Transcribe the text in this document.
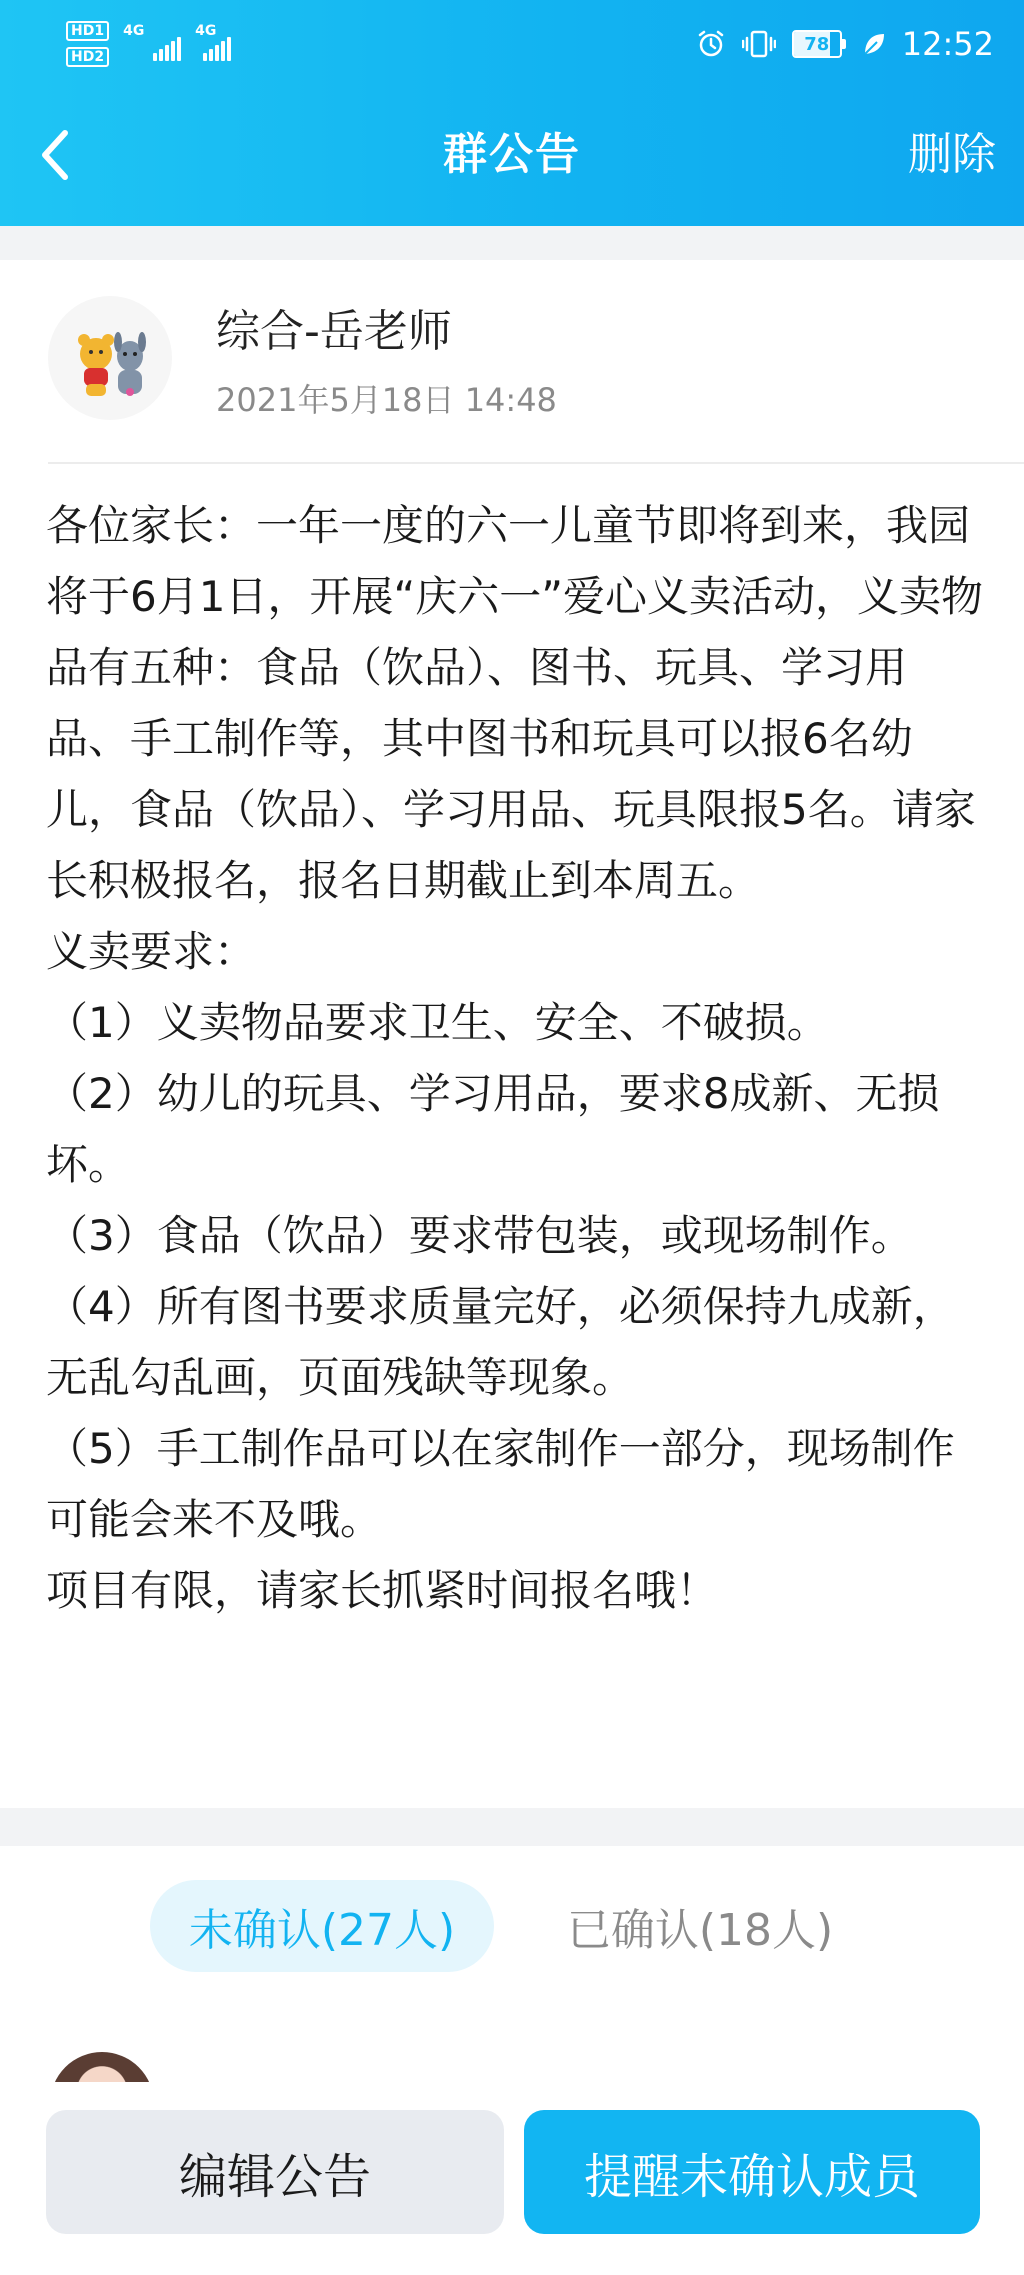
HD1
HD2
4G	4G
78 12:52
群公告	删除
综合-岳老师
2021年5月18日 14:48
各位家长：一年一度的六一儿童节即将到来，我园将于6月1日，开展“庆六一”爱心义卖活动，义卖物品有五种：食品（饮品）、图书、玩具、学习用品、手工制作等，其中图书和玩具可以报6名幼儿，食品（饮品）、学习用品、玩具限报5名。请家长积极报名，报名日期截止到本周五。
义卖要求：
（1）义卖物品要求卫生、安全、不破损。
（2）幼儿的玩具、学习用品，要求8成新、无损坏。
（3）食品（饮品）要求带包装，或现场制作。
（4）所有图书要求质量完好，必须保持九成新，无乱勾乱画，页面残缺等现象。
（5）手工制作品可以在家制作一部分，现场制作可能会来不及哦。
项目有限，请家长抓紧时间报名哦！
未确认(27人)	已确认(18人)
编辑公告	提醒未确认成员
